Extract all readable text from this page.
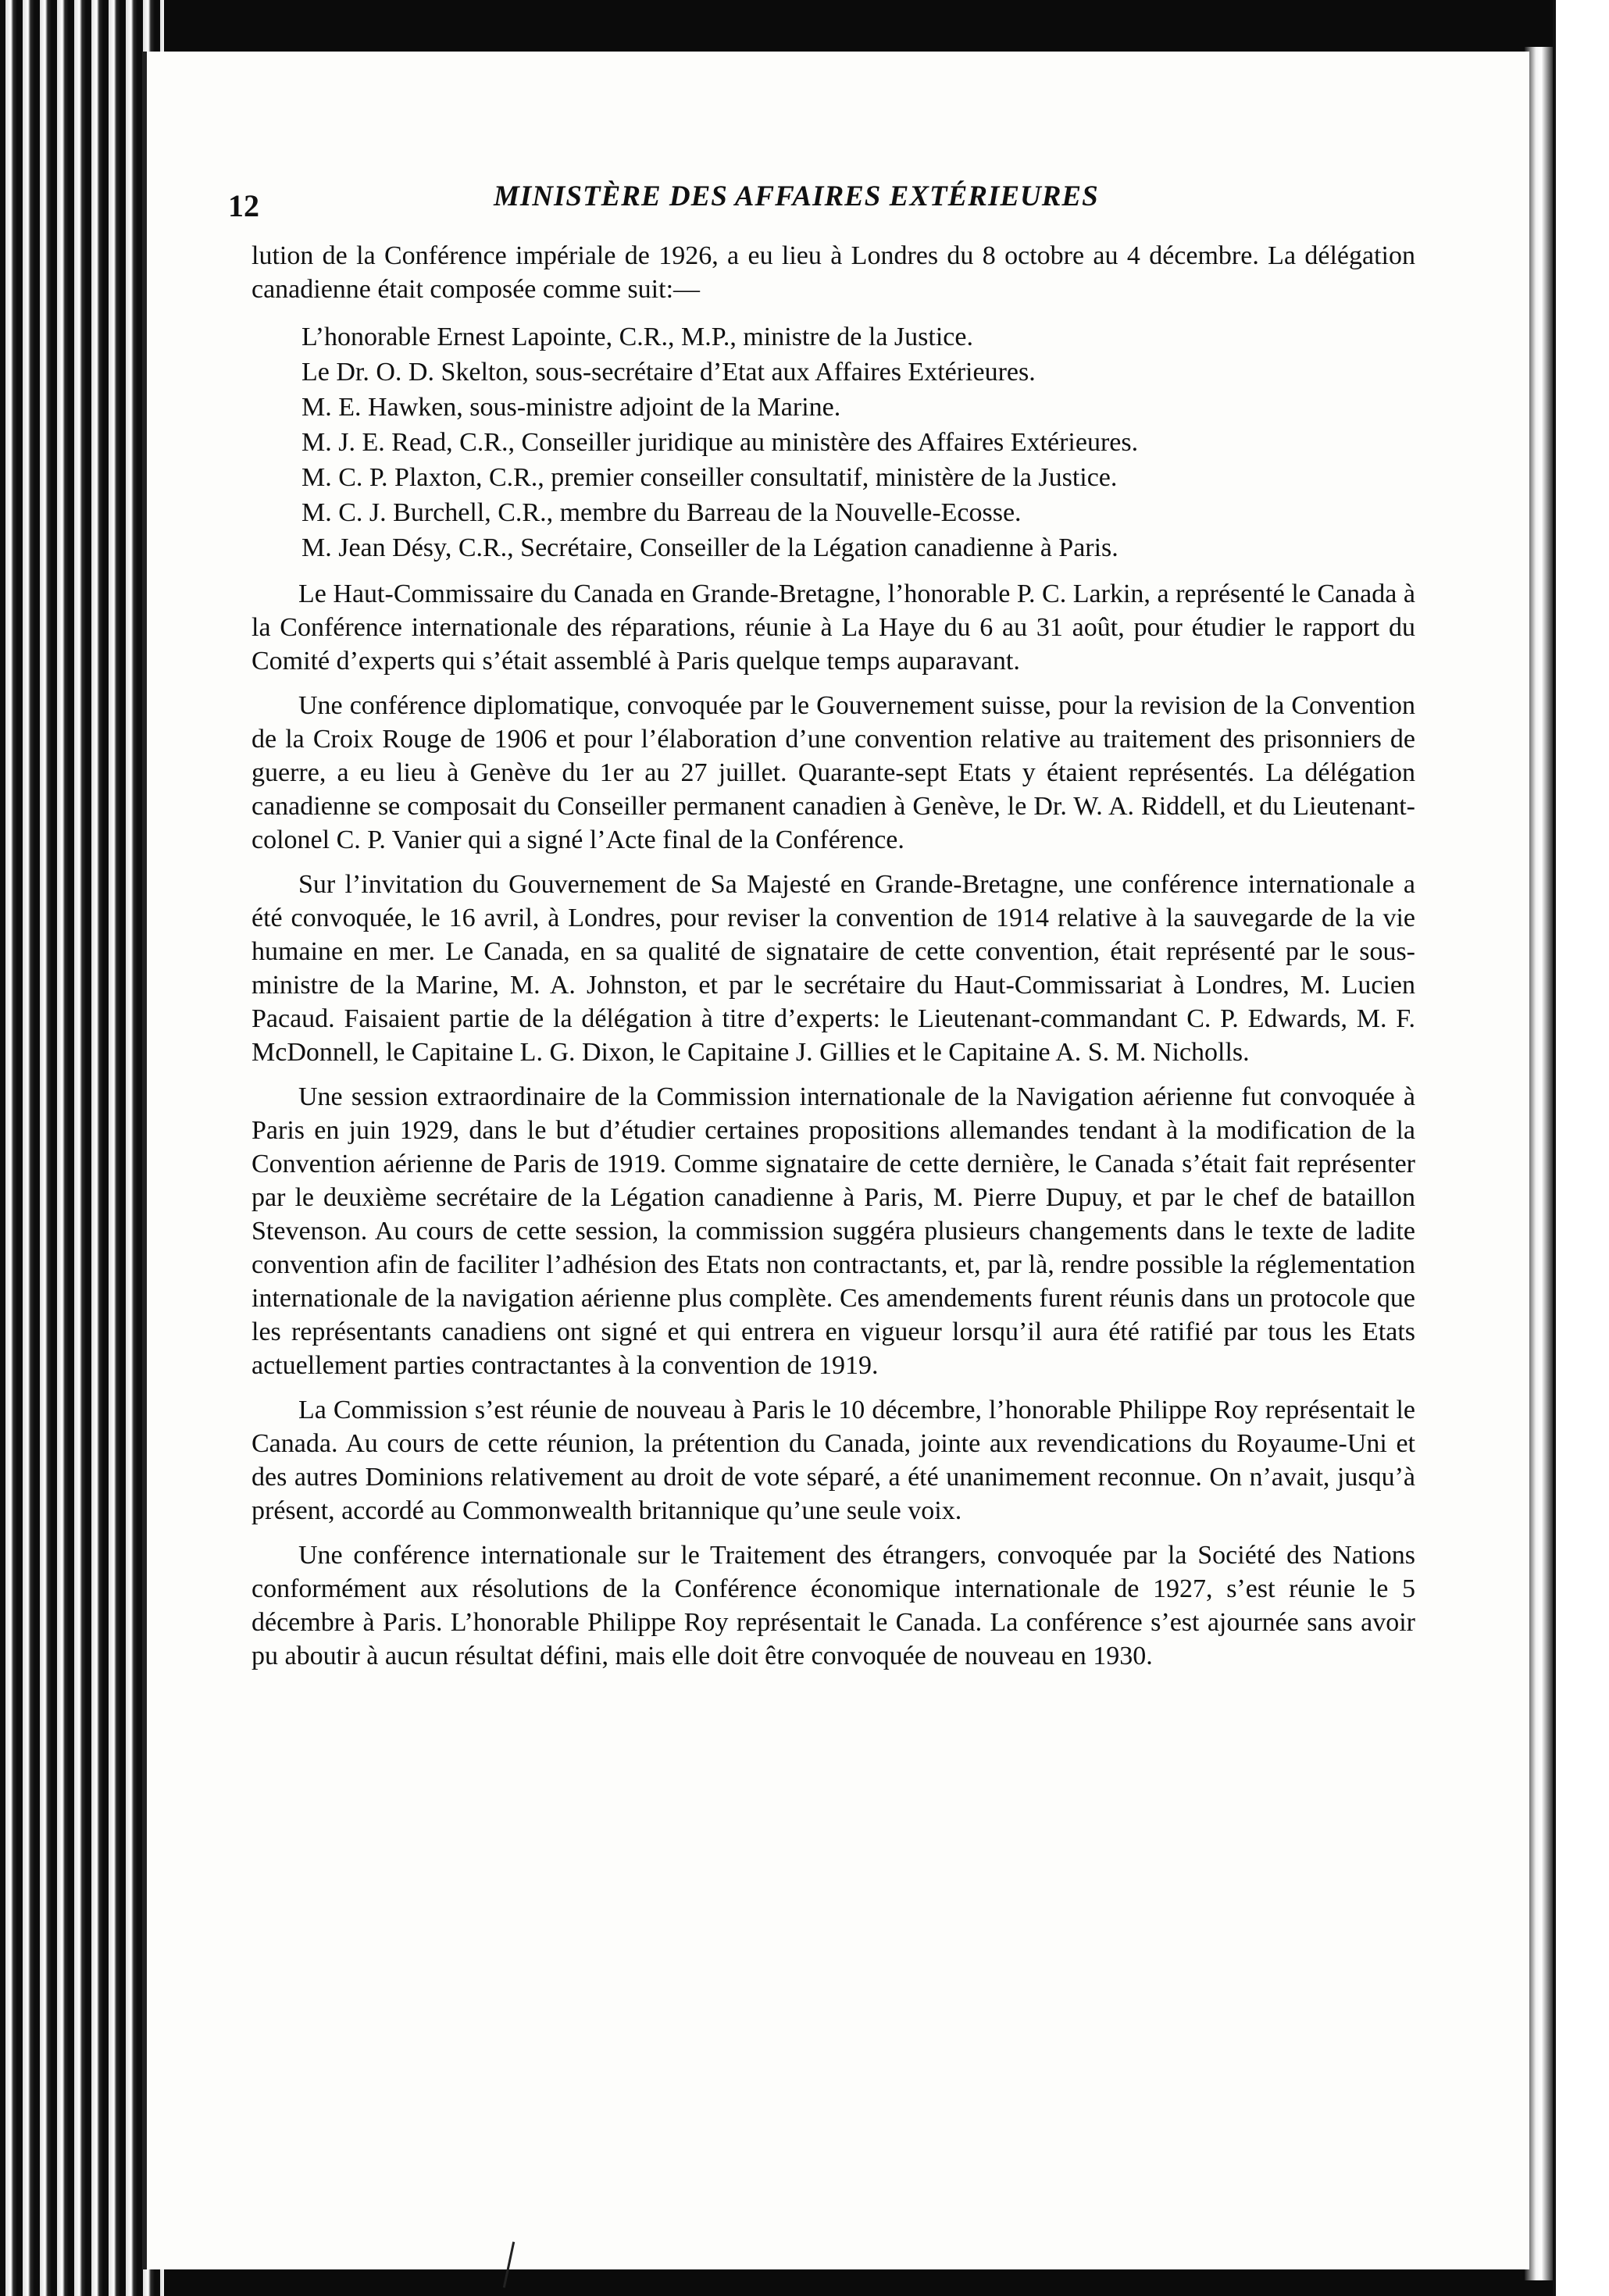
12	MINISTÈRE DES AFFAIRES EXTÉRIEURES

lution de la Conférence impériale de 1926, a eu lieu à Londres du 8 octobre au 4 décembre. La délégation canadienne était composée comme suit:—

L’honorable Ernest Lapointe, C.R., M.P., ministre de la Justice.
Le Dr. O. D. Skelton, sous-secrétaire d’Etat aux Affaires Extérieures.
M. E. Hawken, sous-ministre adjoint de la Marine.
M. J. E. Read, C.R., Conseiller juridique au ministère des Affaires Extérieures.
M. C. P. Plaxton, C.R., premier conseiller consultatif, ministère de la Justice.
M. C. J. Burchell, C.R., membre du Barreau de la Nouvelle-Ecosse.
M. Jean Désy, C.R., Secrétaire, Conseiller de la Légation canadienne à Paris.

Le Haut-Commissaire du Canada en Grande-Bretagne, l’honorable P. C. Larkin, a représenté le Canada à la Conférence internationale des réparations, réunie à La Haye du 6 au 31 août, pour étudier le rapport du Comité d’experts qui s’était assemblé à Paris quelque temps auparavant.

Une conférence diplomatique, convoquée par le Gouvernement suisse, pour la revision de la Convention de la Croix Rouge de 1906 et pour l’élaboration d’une convention relative au traitement des prisonniers de guerre, a eu lieu à Genève du 1er au 27 juillet. Quarante-sept Etats y étaient représentés. La délégation canadienne se composait du Conseiller permanent canadien à Genève, le Dr. W. A. Riddell, et du Lieutenant-colonel C. P. Vanier qui a signé l’Acte final de la Conférence.

Sur l’invitation du Gouvernement de Sa Majesté en Grande-Bretagne, une conférence internationale a été convoquée, le 16 avril, à Londres, pour reviser la convention de 1914 relative à la sauvegarde de la vie humaine en mer. Le Canada, en sa qualité de signataire de cette convention, était représenté par le sous-ministre de la Marine, M. A. Johnston, et par le secrétaire du Haut-Commissariat à Londres, M. Lucien Pacaud. Faisaient partie de la délégation à titre d’experts: le Lieutenant-commandant C. P. Edwards, M. F. McDonnell, le Capitaine L. G. Dixon, le Capitaine J. Gillies et le Capitaine A. S. M. Nicholls.

Une session extraordinaire de la Commission internationale de la Navigation aérienne fut convoquée à Paris en juin 1929, dans le but d’étudier certaines propositions allemandes tendant à la modification de la Convention aérienne de Paris de 1919. Comme signataire de cette dernière, le Canada s’était fait représenter par le deuxième secrétaire de la Légation canadienne à Paris, M. Pierre Dupuy, et par le chef de bataillon Stevenson. Au cours de cette session, la commission suggéra plusieurs changements dans le texte de ladite convention afin de faciliter l’adhésion des Etats non contractants, et, par là, rendre possible la réglementation internationale de la navigation aérienne plus complète. Ces amendements furent réunis dans un protocole que les représentants canadiens ont signé et qui entrera en vigueur lorsqu’il aura été ratifié par tous les Etats actuellement parties contractantes à la convention de 1919.

La Commission s’est réunie de nouveau à Paris le 10 décembre, l’honorable Philippe Roy représentait le Canada. Au cours de cette réunion, la prétention du Canada, jointe aux revendications du Royaume-Uni et des autres Dominions relativement au droit de vote séparé, a été unanimement reconnue. On n’avait, jusqu’à présent, accordé au Commonwealth britannique qu’une seule voix.

Une conférence internationale sur le Traitement des étrangers, convoquée par la Société des Nations conformément aux résolutions de la Conférence économique internationale de 1927, s’est réunie le 5 décembre à Paris. L’honorable Philippe Roy représentait le Canada. La conférence s’est ajournée sans avoir pu aboutir à aucun résultat défini, mais elle doit être convoquée de nouveau en 1930.
